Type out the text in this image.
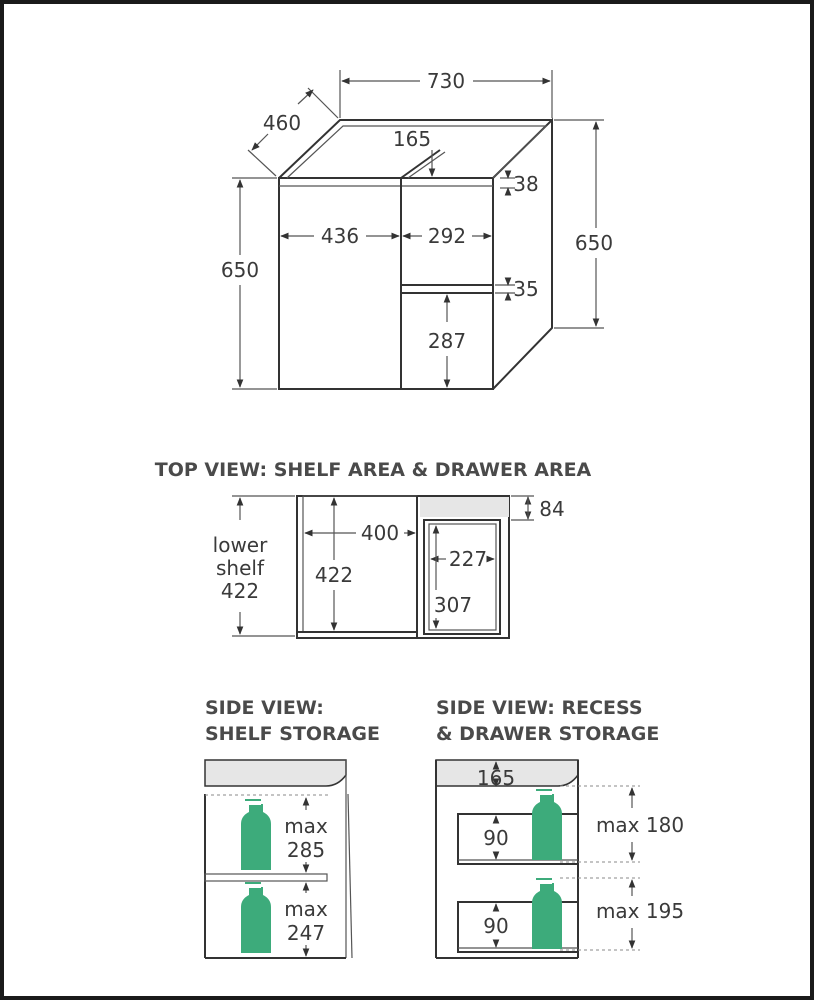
730
460
165
38
650
650
436	292
35
287
TOP VIEW: SHELF AREA & DRAWER AREA
84
lower
shelf
422
400
422
227
307
SIDE VIEW:
SHELF STORAGE
max
285
max
247
SIDE VIEW: RECESS
& DRAWER STORAGE
165
90
90
max 180
max 195
